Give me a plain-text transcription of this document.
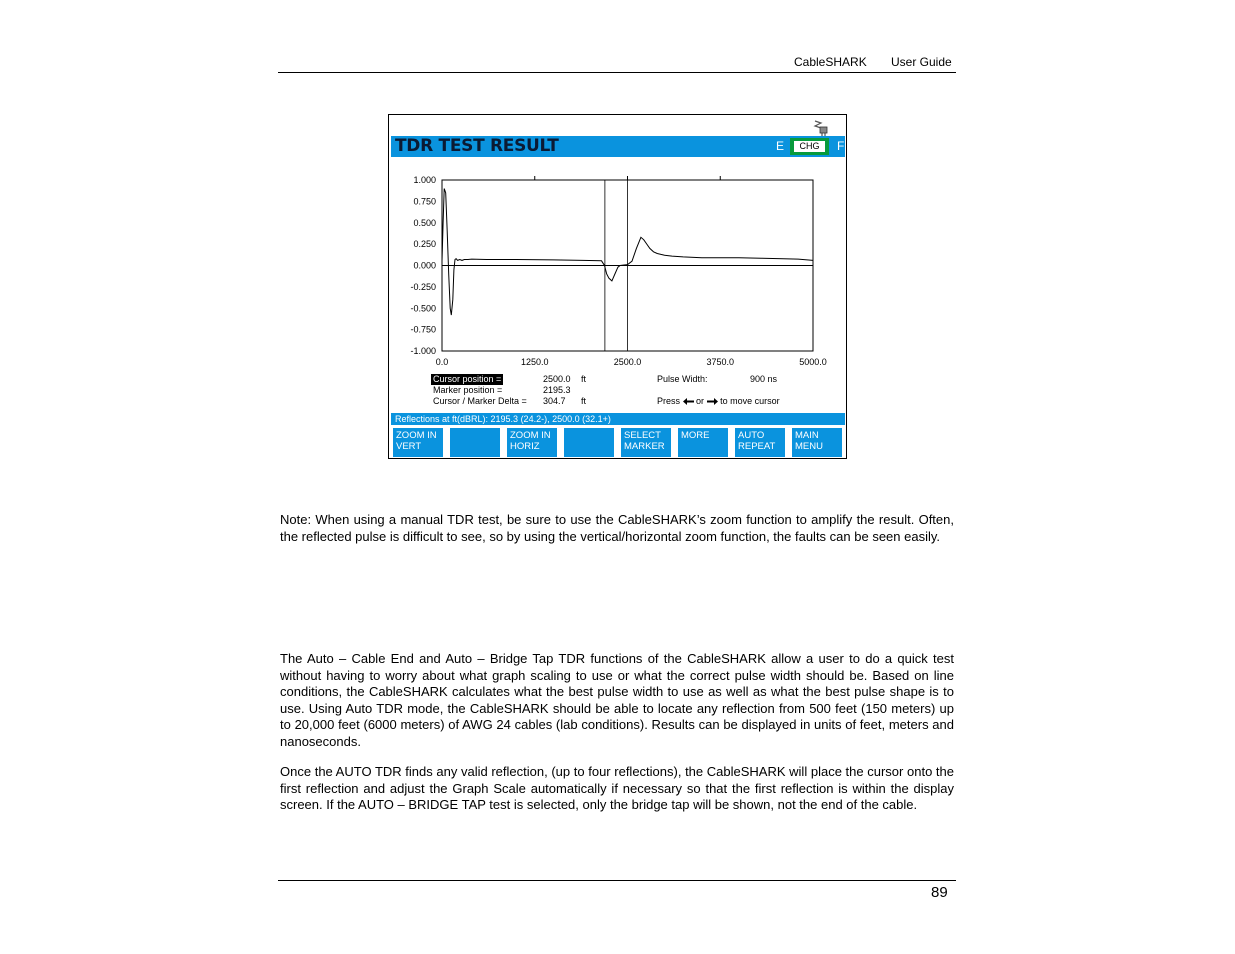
CableSHARK User Guide
TDR TEST RESULT	E	CHG	F
1.000
0.750
0.500
0.250
0.000
-0.250
-0.500
-0.750
-1.000
0.0	1250.0	2500.0	3750.0	5000.0
Cursor position =	2500.0 ft
Marker position =	2195.3
Cursor / Marker Delta = 304.7 ft
Pulse Width:	900 ns
Press or to move cursor
Reflections at ft(dBRL): 2195.3 (24.2-), 2500.0 (32.1+)
ZOOM IN
VERT
ZOOM IN
HORIZ
SELECT
MARKER
MORE	AUTO
REPEAT
MAIN
MENU
Note: When using a manual TDR test, be sure to use the CableSHARK’s zoom function to amplify the result. Often, the reflected pulse is difficult to see, so by using the vertical/horizontal zoom function, the faults can be seen easily.
The Auto – Cable End and Auto – Bridge Tap TDR functions of the CableSHARK allow a user to do a quick test without having to worry about what graph scaling to use or what the correct pulse width should be. Based on line conditions, the CableSHARK calculates what the best pulse width to use as well as what the best pulse shape is to use. Using Auto TDR mode, the CableSHARK should be able to locate any reflection from 500 feet (150 meters) up to 20,000 feet (6000 meters) of AWG 24 cables (lab conditions). Results can be displayed in units of feet, meters and nanoseconds.
Once the AUTO TDR finds any valid reflection, (up to four reflections), the CableSHARK will place the cursor onto the first reflection and adjust the Graph Scale automatically if necessary so that the first reflection is within the display screen. If the AUTO – BRIDGE TAP test is selected, only the bridge tap will be shown, not the end of the cable.
89
